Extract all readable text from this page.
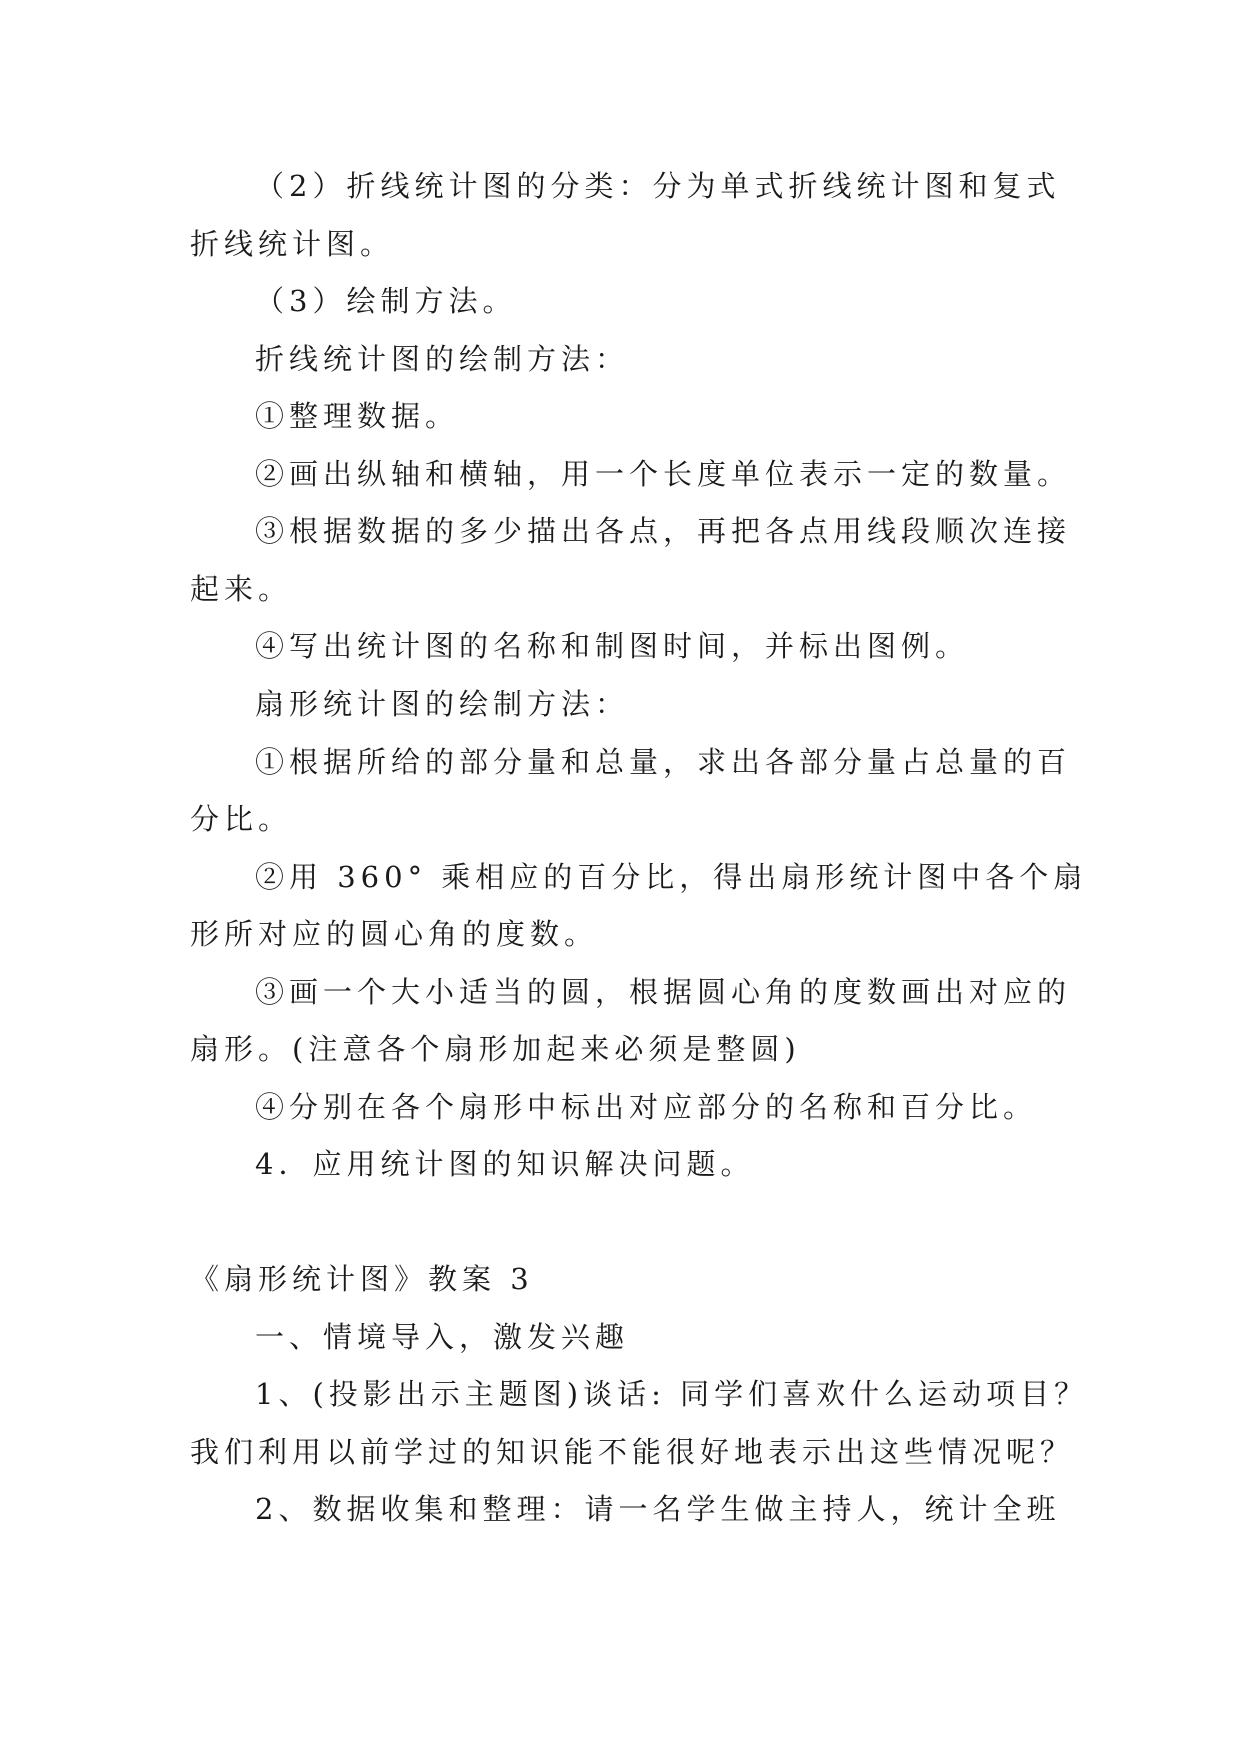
（2）折线统计图的分类：分为单式折线统计图和复式
折线统计图。
（3）绘制方法。
折线统计图的绘制方法：
①整理数据。
②画出纵轴和横轴，用一个长度单位表示一定的数量。
③根据数据的多少描出各点，再把各点用线段顺次连接
起来。
④写出统计图的名称和制图时间，并标出图例。
扇形统计图的绘制方法：
①根据所给的部分量和总量，求出各部分量占总量的百
分比。
②用 360° 乘相应的百分比，得出扇形统计图中各个扇
形所对应的圆心角的度数。
③画一个大小适当的圆，根据圆心角的度数画出对应的
扇形。(注意各个扇形加起来必须是整圆)
④分别在各个扇形中标出对应部分的名称和百分比。
4．应用统计图的知识解决问题。
《扇形统计图》教案 3
一、情境导入，激发兴趣
1、(投影出示主题图)谈话: 同学们喜欢什么运动项目？
我们利用以前学过的知识能不能很好地表示出这些情况呢？
2、数据收集和整理：请一名学生做主持人，统计全班
